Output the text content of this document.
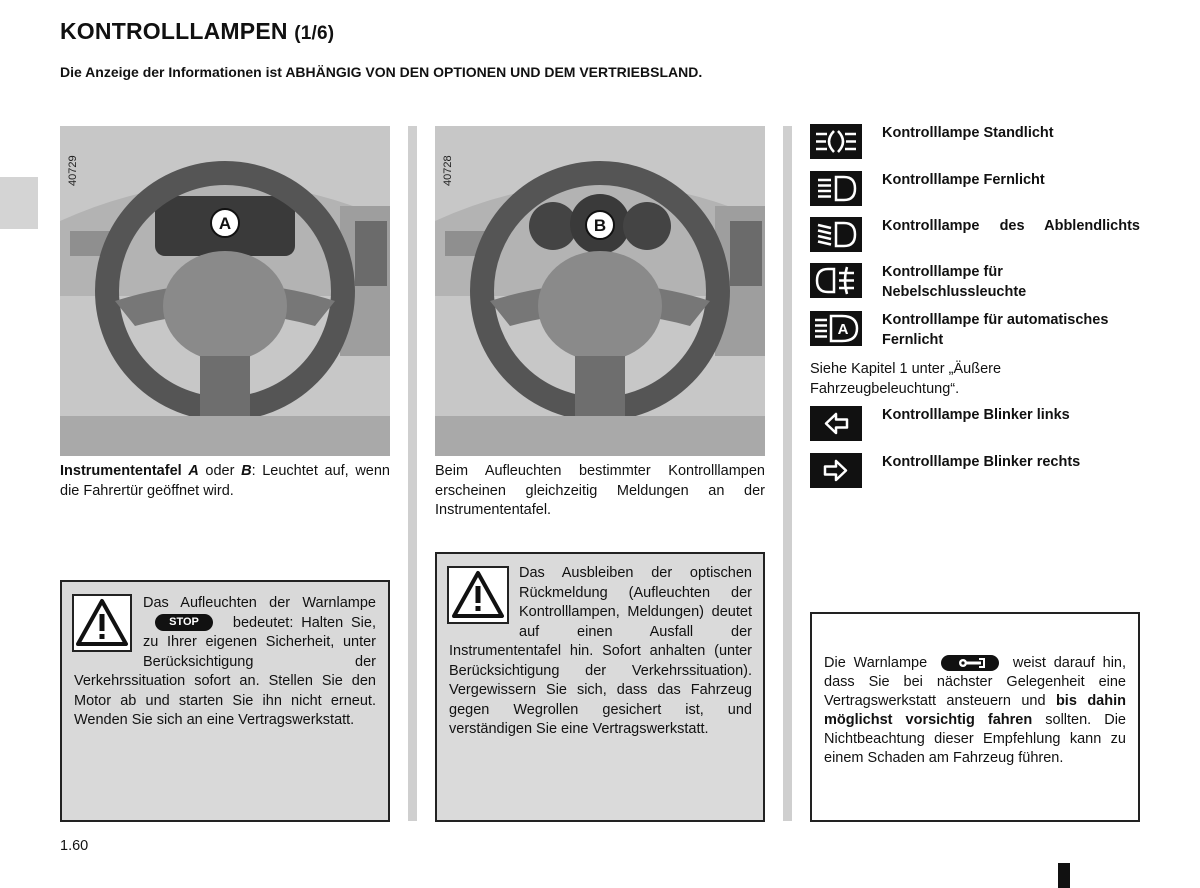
KONTROLLLAMPEN (1/6)
Die Anzeige der Informationen ist ABHÄNGIG VON DEN OPTIONEN UND DEM VERTRIEBSLAND.
A
40729
B
40728
Instrumententafel A oder B: Leuchtet auf, wenn die Fahrertür geöffnet wird.
Beim Aufleuchten bestimmter Kontrolllampen erscheinen gleichzeitig Meldungen an der Instrumententafel.
Das Aufleuchten der Warnlampe STOP bedeutet: Halten Sie, zu Ihrer eigenen Sicherheit, unter Berücksichtigung der Verkehrssituation sofort an. Stellen Sie den Motor ab und starten Sie ihn nicht erneut. Wenden Sie sich an eine Vertragswerkstatt.
Das Ausbleiben der optischen Rückmeldung (Aufleuchten der Kontrolllampen, Meldungen) deutet auf einen Ausfall der Instrumententafel hin. Sofort anhalten (unter Berücksichtigung der Verkehrssituation). Vergewissern Sie sich, dass das Fahrzeug gegen Wegrollen gesichert ist, und verständigen Sie eine Vertragswerkstatt.
Kontrolllampe Standlicht
Kontrolllampe Fernlicht
Kontrolllampe des Abblendlichts
Kontrolllampe für Nebelschlussleuchte
A
Kontrolllampe für automatisches Fernlicht
Siehe Kapitel 1 unter „Äußere Fahrzeugbeleuchtung“.
Kontrolllampe Blinker links
Kontrolllampe Blinker rechts
Die Warnlampe	weist darauf hin, dass Sie bei nächster Gelegenheit eine Vertragswerkstatt ansteuern und bis dahin möglichst vorsichtig fahren sollten. Die Nichtbeachtung dieser Empfehlung kann zu einem Schaden am Fahrzeug führen.
1.60
